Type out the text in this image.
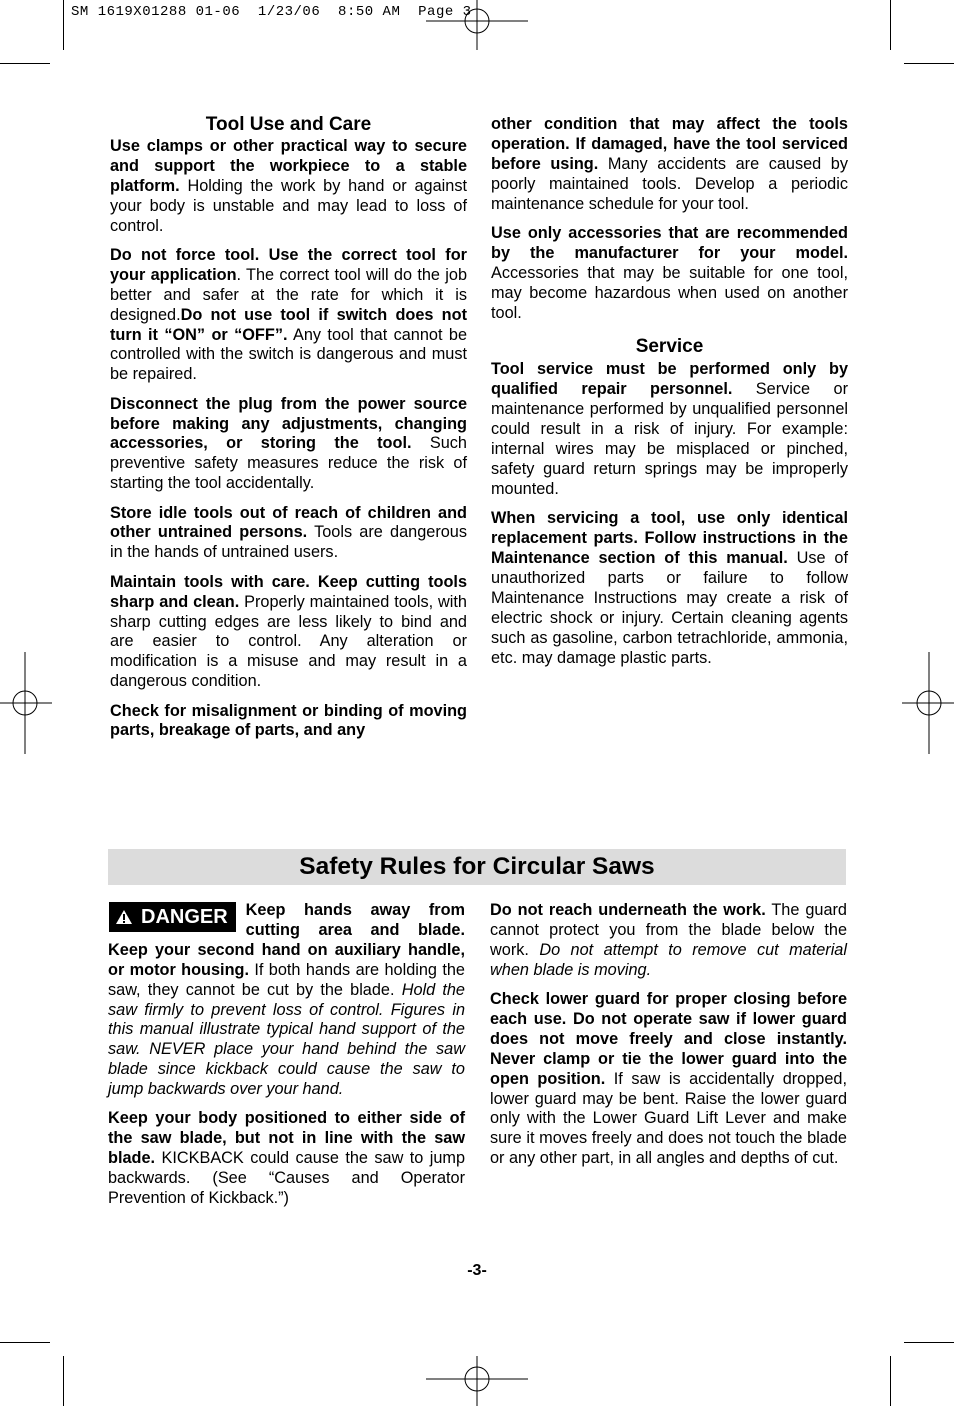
SM 1619X01288 01-06  1/23/06  8:50 AM  Page 3
Tool Use and Care

Use clamps or other practical way to secure and support the workpiece to a stable platform. Holding the work by hand or against your body is unstable and may lead to loss of control.

Do not force tool. Use the correct tool for your application. The correct tool will do the job better and safer at the rate for which it is designed.Do not use tool if switch does not turn it “ON” or “OFF”. Any tool that cannot be controlled with the switch is dangerous and must be repaired.

Disconnect the plug from the power source before making any adjustments, changing accessories, or storing the tool. Such preventive safety measures reduce the risk of starting the tool accidentally.

Store idle tools out of reach of children and other untrained persons. Tools are dangerous in the hands of untrained users.

Maintain tools with care. Keep cutting tools sharp and clean. Properly maintained tools, with sharp cutting edges are less likely to bind and are easier to control. Any alteration or modification is a misuse and may result in a dangerous condition.

Check for misalignment or binding of moving parts, breakage of parts, and any

other condition that may affect the tools operation. If damaged, have the tool serviced before using. Many accidents are caused by poorly maintained tools. Develop a periodic maintenance schedule for your tool.

Use only accessories that are recommended by the manufacturer for your model. Accessories that may be suitable for one tool, may become hazardous when used on another tool.

Service

Tool service must be performed only by qualified repair personnel. Service or maintenance performed by unqualified personnel could result in a risk of injury. For example: internal wires may be misplaced or pinched, safety guard return springs may be improperly mounted.

When servicing a tool, use only identical replacement parts. Follow instructions in the Maintenance section of this manual. Use of unauthorized parts or failure to follow Maintenance Instructions may create a risk of electric shock or injury. Certain cleaning agents such as gasoline, carbon tetrachloride, ammonia, etc. may damage plastic parts.

Safety Rules for Circular Saws

DANGER Keep hands away from cutting area and blade. Keep your second hand on auxiliary handle, or motor housing. If both hands are holding the saw, they cannot be cut by the blade. Hold the saw firmly to prevent loss of control. Figures in this manual illustrate typical hand support of the saw. NEVER place your hand behind the saw blade since kickback could cause the saw to jump backwards over your hand.

Keep your body positioned to either side of the saw blade, but not in line with the saw blade. KICKBACK could cause the saw to jump backwards. (See “Causes and Operator Prevention of Kickback.”)

Do not reach underneath the work. The guard cannot protect you from the blade below the work. Do not attempt to remove cut material when blade is moving.

Check lower guard for proper closing before each use. Do not operate saw if lower guard does not move freely and close instantly. Never clamp or tie the lower guard into the open position. If saw is accidentally dropped, lower guard may be bent. Raise the lower guard only with the Lower Guard Lift Lever and make sure it moves freely and does not touch the blade or any other part, in all angles and depths of cut.

-3-
